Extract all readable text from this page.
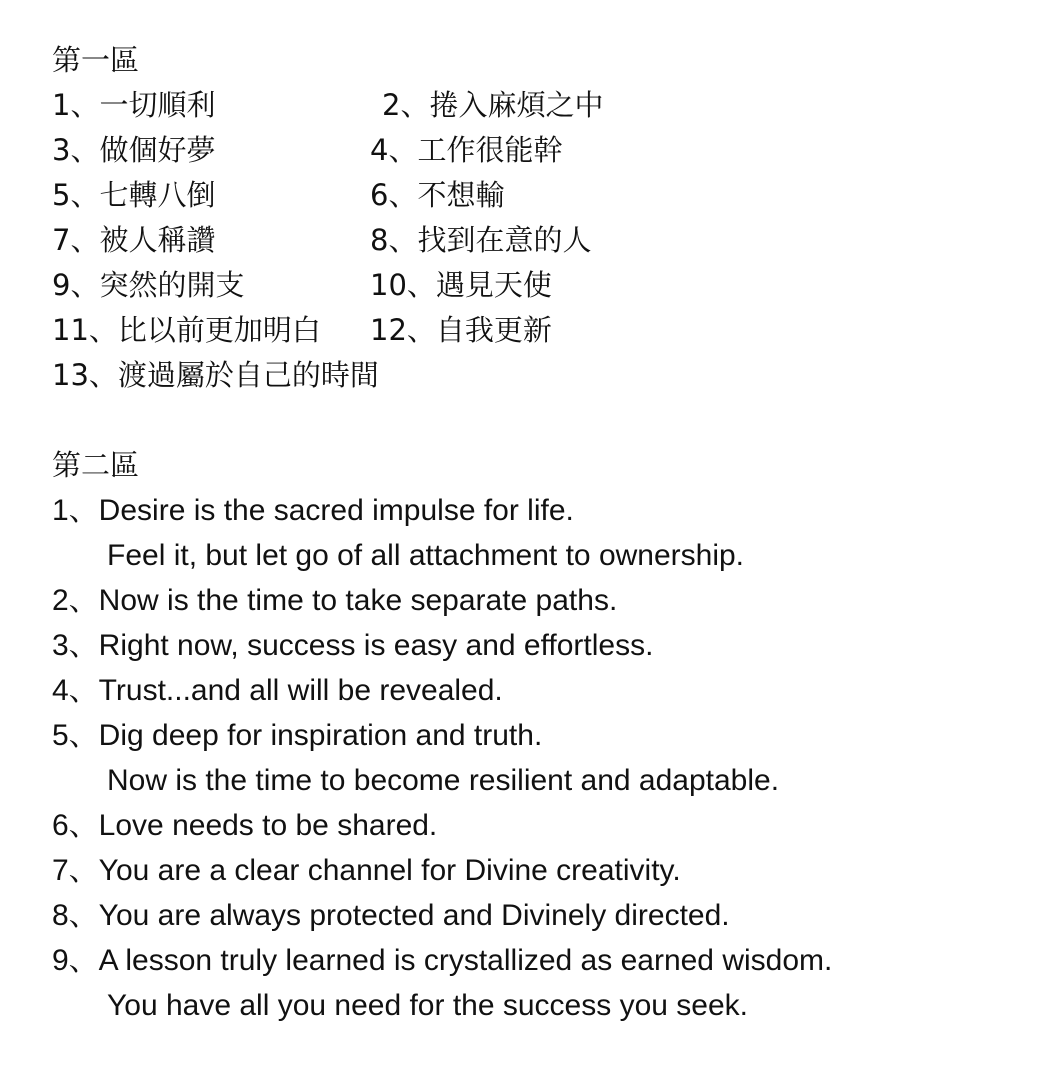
第一區
1、一切順利	2、捲入麻煩之中
3、做個好夢	4、工作很能幹
5、七轉八倒	6、不想輸
7、被人稱讚	8、找到在意的人
9、突然的開支	10、遇見天使
11、比以前更加明白 12、自我更新
13、渡過屬於自己的時間
第二區
1、Desire is the sacred impulse for life.
Feel it, but let go of all attachment to ownership.
2、Now is the time to take separate paths.
3、Right now, success is easy and effortless.
4、Trust...and all will be revealed.
5、Dig deep for inspiration and truth.
Now is the time to become resilient and adaptable.
6、Love needs to be shared.
7、You are a clear channel for Divine creativity.
8、You are always protected and Divinely directed.
9、A lesson truly learned is crystallized as earned wisdom.
You have all you need for the success you seek.
